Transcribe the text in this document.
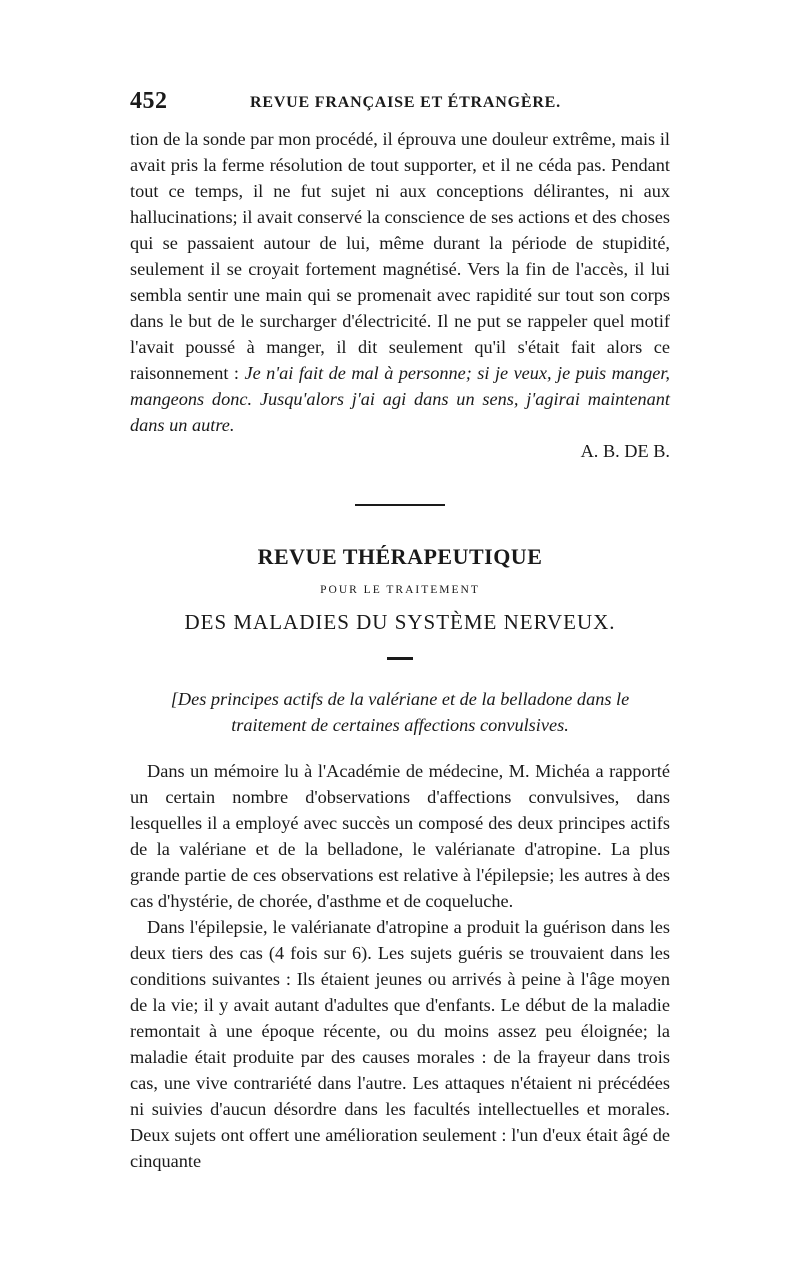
452	REVUE FRANÇAISE ET ÉTRANGÈRE.

tion de la sonde par mon procédé, il éprouva une douleur extrême, mais il avait pris la ferme résolution de tout supporter, et il ne céda pas. Pendant tout ce temps, il ne fut sujet ni aux conceptions délirantes, ni aux hallucinations; il avait conservé la conscience de ses actions et des choses qui se passaient autour de lui, même durant la période de stupidité, seulement il se croyait fortement magnétisé. Vers la fin de l'accès, il lui sembla sentir une main qui se promenait avec rapidité sur tout son corps dans le but de le surcharger d'électricité. Il ne put se rappeler quel motif l'avait poussé à manger, il dit seulement qu'il s'était fait alors ce raisonnement : Je n'ai fait de mal à personne; si je veux, je puis manger, mangeons donc. Jusqu'alors j'ai agi dans un sens, j'agirai maintenant dans un autre.
A. B. DE B.

REVUE THÉRAPEUTIQUE
POUR LE TRAITEMENT
DES MALADIES DU SYSTÈME NERVEUX.
[Des principes actifs de la valériane et de la belladone dans le traitement de certaines affections convulsives.

Dans un mémoire lu à l'Académie de médecine, M. Michéa a rapporté un certain nombre d'observations d'affections convulsives, dans lesquelles il a employé avec succès un composé des deux principes actifs de la valériane et de la belladone, le valérianate d'atropine. La plus grande partie de ces observations est relative à l'épilepsie; les autres à des cas d'hystérie, de chorée, d'asthme et de coqueluche.

Dans l'épilepsie, le valérianate d'atropine a produit la guérison dans les deux tiers des cas (4 fois sur 6). Les sujets guéris se trouvaient dans les conditions suivantes : Ils étaient jeunes ou arrivés à peine à l'âge moyen de la vie; il y avait autant d'adultes que d'enfants. Le début de la maladie remontait à une époque récente, ou du moins assez peu éloignée; la maladie était produite par des causes morales : de la frayeur dans trois cas, une vive contrariété dans l'autre. Les attaques n'étaient ni précédées ni suivies d'aucun désordre dans les facultés intellectuelles et morales. Deux sujets ont offert une amélioration seulement : l'un d'eux était âgé de cinquante
